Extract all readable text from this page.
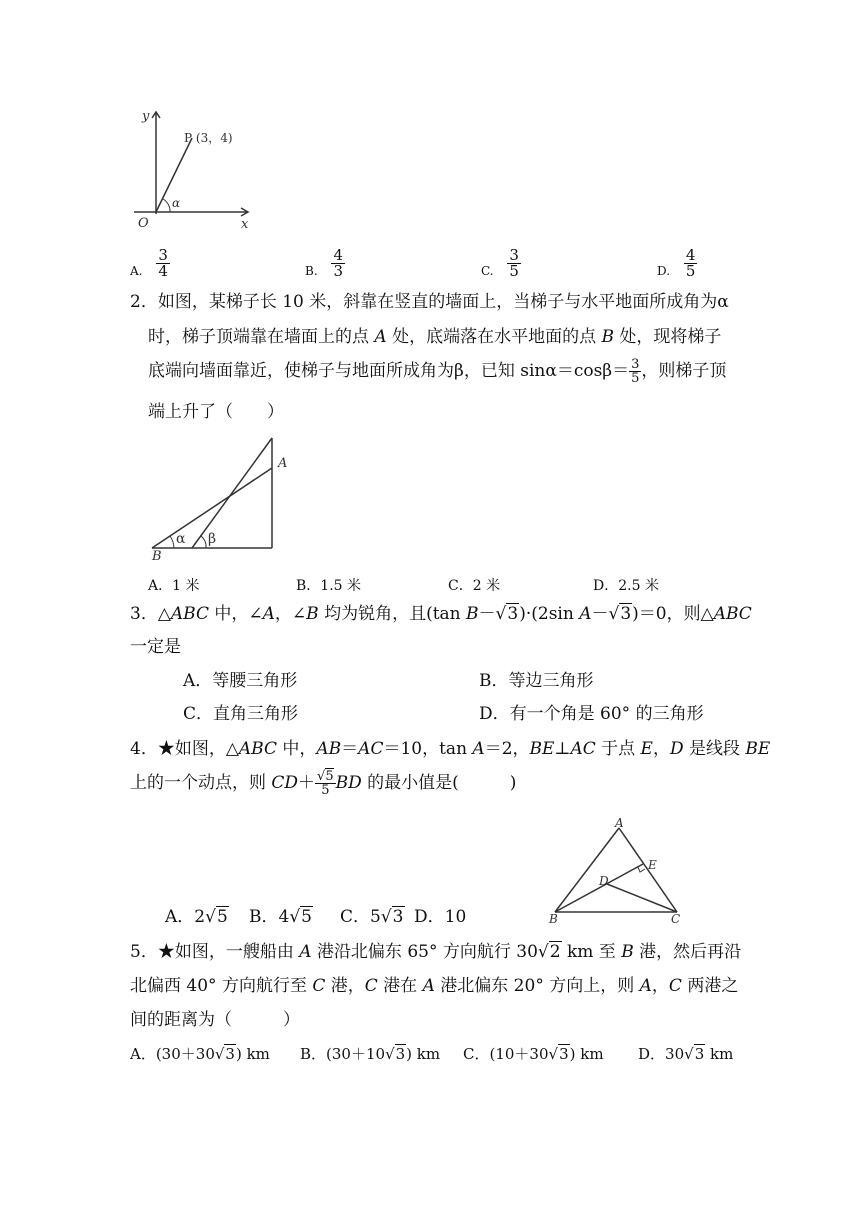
y
x
O
P (3，4)
α
A. $\frac{3}{4}$	B. $\frac{4}{3}$	C. $\frac{3}{5}$	D. $\frac{4}{5}$
2．如图，某梯子长 10 米，斜靠在竖直的墙面上，当梯子与水平地面所成角为α
时，梯子顶端靠在墙面上的点 A 处，底端落在水平地面的点 B 处，现将梯子
底端向墙面靠近，使梯子与地面所成角为β，已知 $\sin\alpha=\cos\beta= \frac{3}{5}$ ，则梯子顶
端上升了（　　）
A
B
α β
A．1 米	B．1.5 米	C．2 米	D．2.5 米
3．△ABC 中，∠A，∠B 均为锐角，且(tan B－√3)·(2sin A－√3)＝0，则△ABC
一定是
A．等腰三角形	B．等边三角形
C．直角三角形	D．有一个角是 60° 的三角形
4．★如图，△ABC 中，AB＝AC＝10，tan A＝2，BE⊥AC 于点 E，D 是线段 BE
上的一个动点，则 $CD+ \frac{√5}{5}$ BD 的最小值是(　　　)
A
B	C
D
E
A．2√5 B．4√5 C．5√3 D．10
5．★如图，一艘船由 A 港沿北偏东 65° 方向航行 30√2 km 至 B 港，然后再沿
北偏西 40° 方向航行至 C 港，C 港在 A 港北偏东 20° 方向上，则 A，C 两港之
间的距离为（　　　）
A．(30＋30√3) km B．(30＋10√3) km C．(10＋30√3) km D．30√3 km
